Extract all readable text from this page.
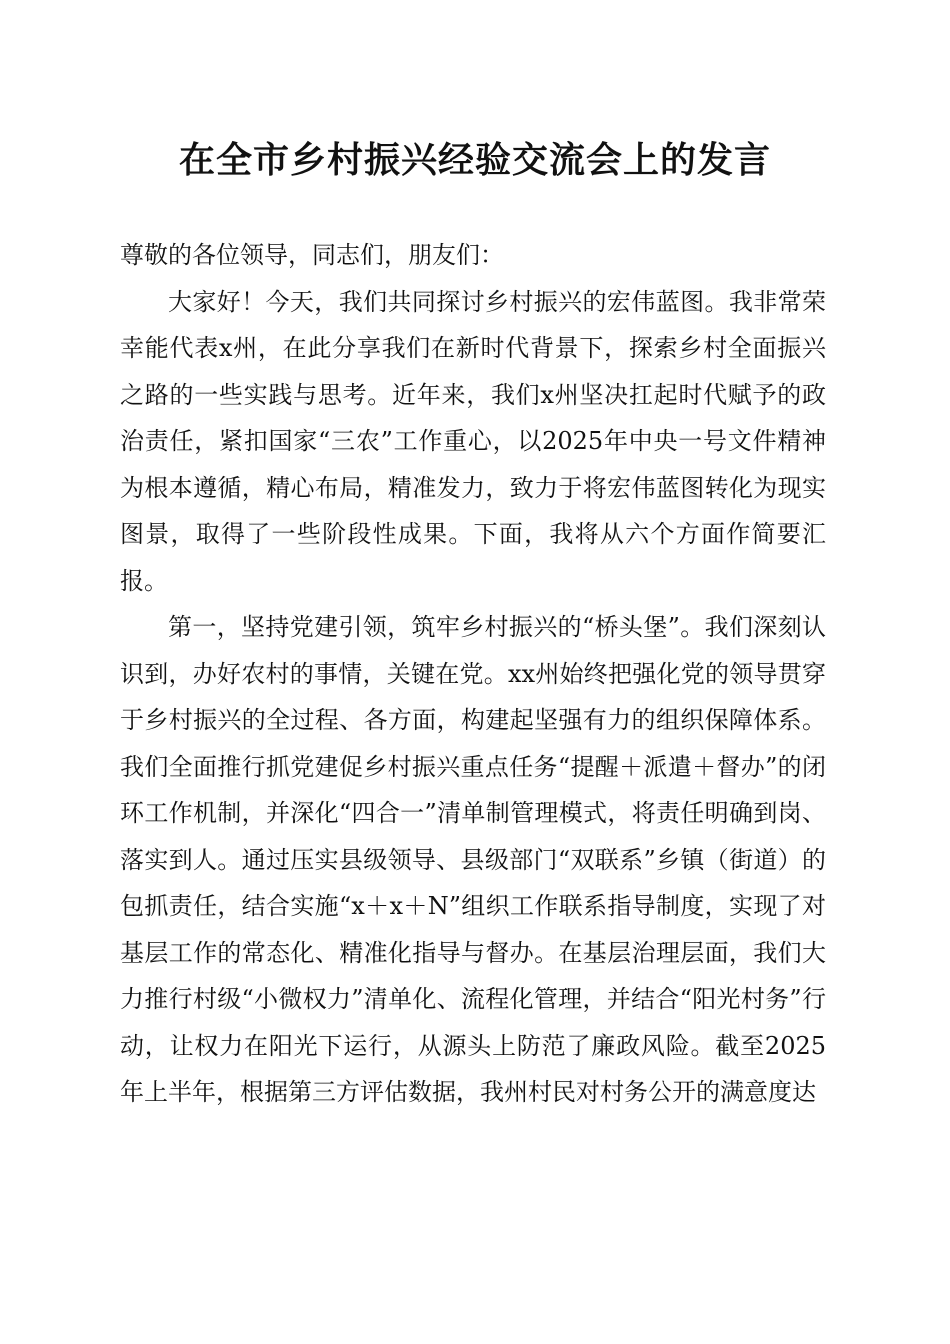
在全市乡村振兴经验交流会上的发言

尊敬的各位领导，同志们，朋友们：

大家好！今天，我们共同探讨乡村振兴的宏伟蓝图。我非常荣幸能代表x州，在此分享我们在新时代背景下，探索乡村全面振兴之路的一些实践与思考。近年来，我们x州坚决扛起时代赋予的政治责任，紧扣国家“三农”工作重心，以2025年中央一号文件精神为根本遵循，精心布局，精准发力，致力于将宏伟蓝图转化为现实图景，取得了一些阶段性成果。下面，我将从六个方面作简要汇报。

第一，坚持党建引领，筑牢乡村振兴的“桥头堡”。我们深刻认识到，办好农村的事情，关键在党。xx州始终把强化党的领导贯穿于乡村振兴的全过程、各方面，构建起坚强有力的组织保障体系。我们全面推行抓党建促乡村振兴重点任务“提醒＋派遣＋督办”的闭环工作机制，并深化“四合一”清单制管理模式，将责任明确到岗、落实到人。通过压实县级领导、县级部门“双联系”乡镇（街道）的包抓责任，结合实施“x＋x＋N”组织工作联系指导制度，实现了对基层工作的常态化、精准化指导与督办。在基层治理层面，我们大力推行村级“小微权力”清单化、流程化管理，并结合“阳光村务”行动，让权力在阳光下运行，从源头上防范了廉政风险。截至2025年上半年，根据第三方评估数据，我州村民对村务公开的满意度达
